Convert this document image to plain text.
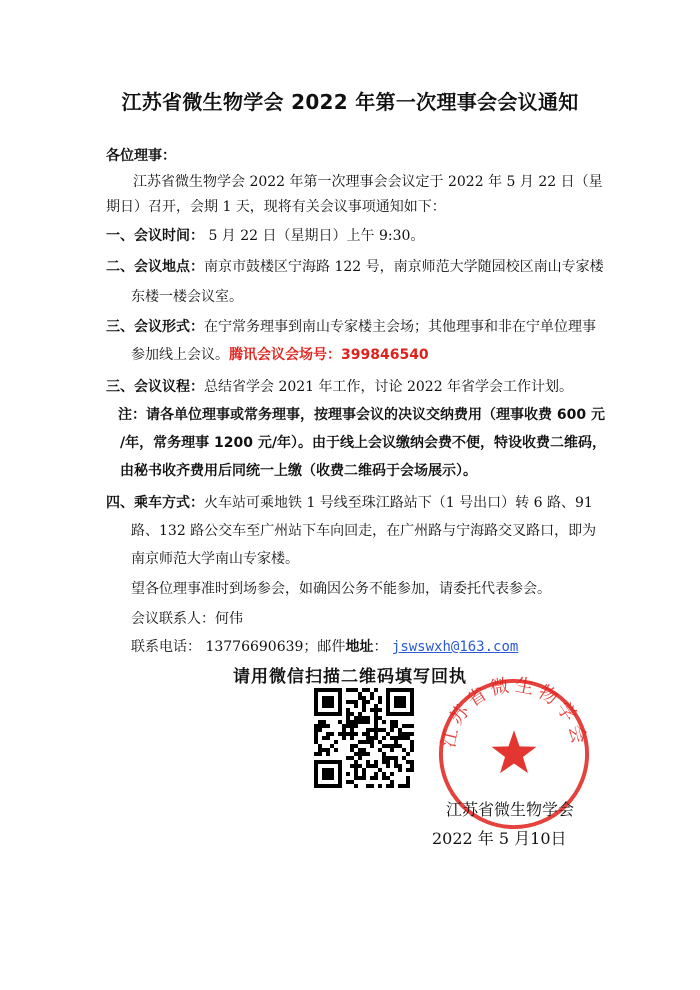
江苏省微生物学会 2022 年第一次理事会会议通知
各位理事：
江苏省微生物学会 2022 年第一次理事会会议定于 2022 年 5 月 22 日（星
期日）召开，会期 1 天，现将有关会议事项通知如下：
一、会议时间： 5 月 22 日（星期日）上午 9:30。
二、会议地点：南京市鼓楼区宁海路 122 号，南京师范大学随园校区南山专家楼
东楼一楼会议室。
三、会议形式：在宁常务理事到南山专家楼主会场；其他理事和非在宁单位理事
参加线上会议。腾讯会议会场号：399846540
三、会议议程：总结省学会 2021 年工作，讨论 2022 年省学会工作计划。
注：请各单位理事或常务理事，按理事会议的决议交纳费用（理事收费 600 元
/年，常务理事 1200 元/年）。由于线上会议缴纳会费不便，特设收费二维码，
由秘书收齐费用后同统一上缴（收费二维码于会场展示）。
四、乘车方式：火车站可乘地铁 1 号线至珠江路站下（1 号出口）转 6 路、91
路、132 路公交车至广州站下车向回走，在广州路与宁海路交叉路口，即为
南京师范大学南山专家楼。
望各位理事准时到场参会，如确因公务不能参加，请委托代表参会。
会议联系人：何伟
联系电话： 13776690639；邮件地址： jswswxh@163.com
请用微信扫描二维码填写回执
江苏省微生物学会
江苏省微生物学会
2022 年 5 月10日
